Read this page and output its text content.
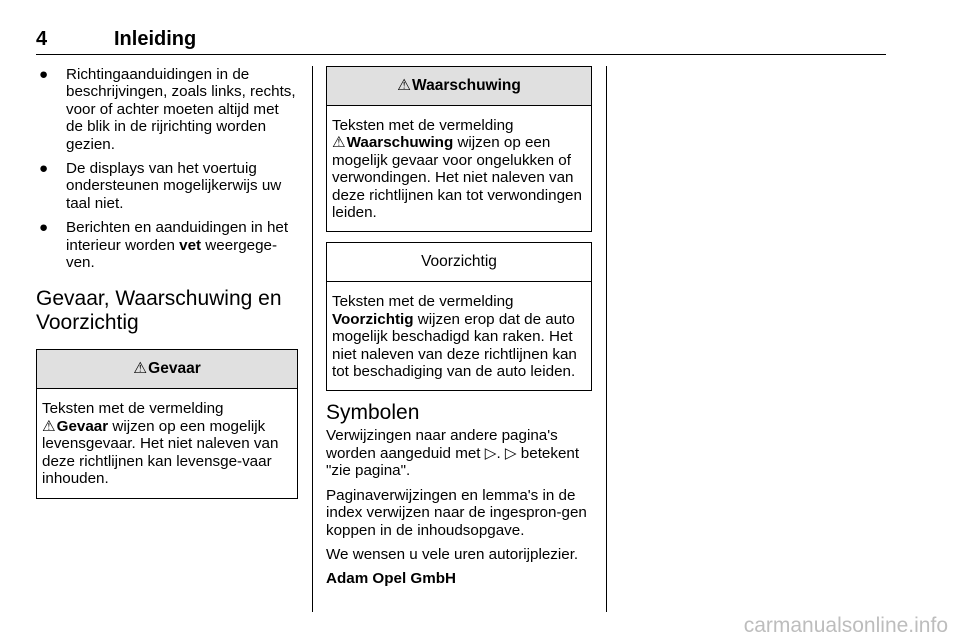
4	Inleiding
● Richtingaanduidingen in de beschrijvingen, zoals links, rechts, voor of achter moeten altijd met de blik in de rijrichting worden gezien.
● De displays van het voertuig ondersteunen mogelijkerwijs uw taal niet.
● Berichten en aanduidingen in het interieur worden vet weergege-ven.
Gevaar, Waarschuwing en Voorzichtig
⚠Gevaar
Teksten met de vermelding
⚠Gevaar wijzen op een mogelijk levensgevaar. Het niet naleven van deze richtlijnen kan levensge-vaar inhouden.
⚠Waarschuwing
Teksten met de vermelding
⚠Waarschuwing wijzen op een mogelijk gevaar voor ongelukken of verwondingen. Het niet naleven van deze richtlijnen kan tot verwondingen leiden.
Voorzichtig
Teksten met de vermelding
Voorzichtig wijzen erop dat de auto mogelijk beschadigd kan raken. Het niet naleven van deze richtlijnen kan tot beschadiging van de auto leiden.
Symbolen

Verwijzingen naar andere pagina's worden aangeduid met ▷. ▷ betekent "zie pagina".

Paginaverwijzingen en lemma's in de index verwijzen naar de ingespron-gen koppen in de inhoudsopgave.

We wensen u vele uren autorijplezier.

Adam Opel GmbH

carmanualsonline.info
